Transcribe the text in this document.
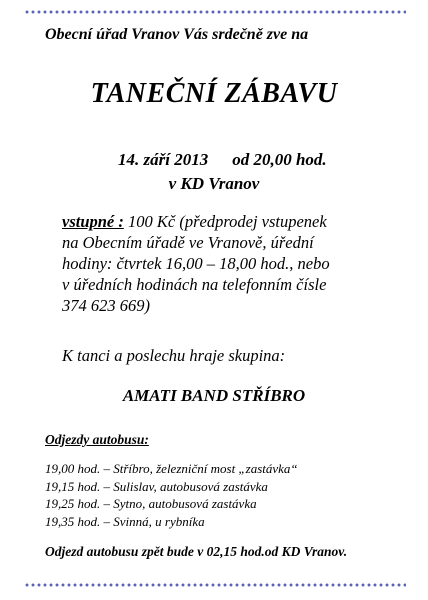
Obecní úřad Vranov Vás srdečně zve na
TANEČNÍ ZÁBAVU
14. září 2013 od 20,00 hod.
v KD Vranov
vstupné : 100 Kč (předprodej vstupenek
na Obecním úřadě ve Vranově, úřední
hodiny: čtvrtek 16,00 – 18,00 hod., nebo
v úředních hodinách na telefonním čísle
374 623 669)
K tanci a poslechu hraje skupina:
AMATI BAND STŘÍBRO
Odjezdy autobusu:
19,00 hod. – Stříbro, železniční most „zastávka“
19,15 hod. – Sulislav, autobusová zastávka
19,25 hod. – Sytno, autobusová zastávka
19,35 hod. – Svinná, u rybníka
Odjezd autobusu zpět bude v 02,15 hod.od KD Vranov.
